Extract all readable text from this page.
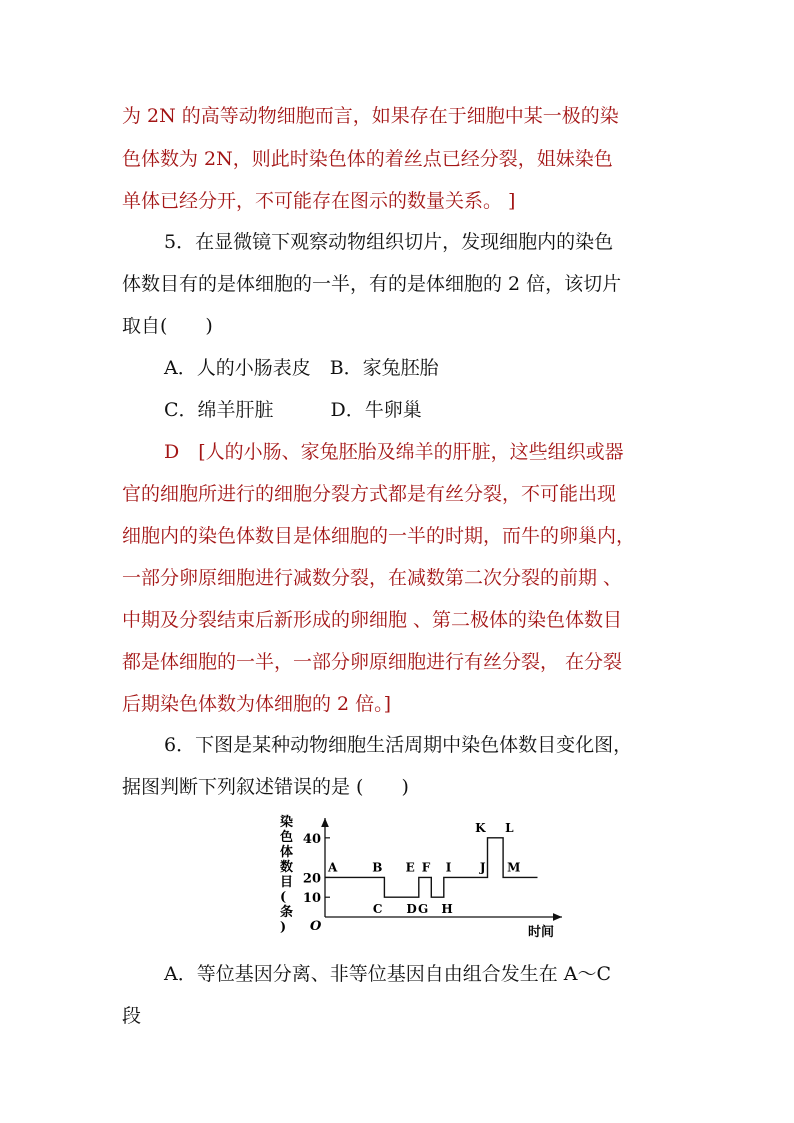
为 2N 的高等动物细胞而言，如果存在于细胞中某一极的染
色体数为 2N，则此时染色体的着丝点已经分裂，姐妹染色
单体已经分开，不可能存在图示的数量关系。 ]
5．在显微镜下观察动物组织切片，发现细胞内的染色
体数目有的是体细胞的一半，有的是体细胞的 2 倍，该切片
取自(　　)
A．人的小肠表皮　B．家兔胚胎
C．绵羊肝脏　　　D．牛卵巢
D　[人的小肠、家兔胚胎及绵羊的肝脏，这些组织或器
官的细胞所进行的细胞分裂方式都是有丝分裂，不可能出现
细胞内的染色体数目是体细胞的一半的时期，而牛的卵巢内，
一部分卵原细胞进行减数分裂，在减数第二次分裂的前期 、
中期及分裂结束后新形成的卵细胞 、第二极体的染色体数目
都是体细胞的一半，一部分卵原细胞进行有丝分裂， 在分裂
后期染色体数为体细胞的 2 倍。]
6．下图是某种动物细胞生活周期中染色体数目变化图，
据图判断下列叙述错误的是 (　　)
染色体数目(条)	时间
O
10
20
40
A	B
C D
E F
G H
I J
K L
M
A．等位基因分离、非等位基因自由组合发生在 A～C
段
